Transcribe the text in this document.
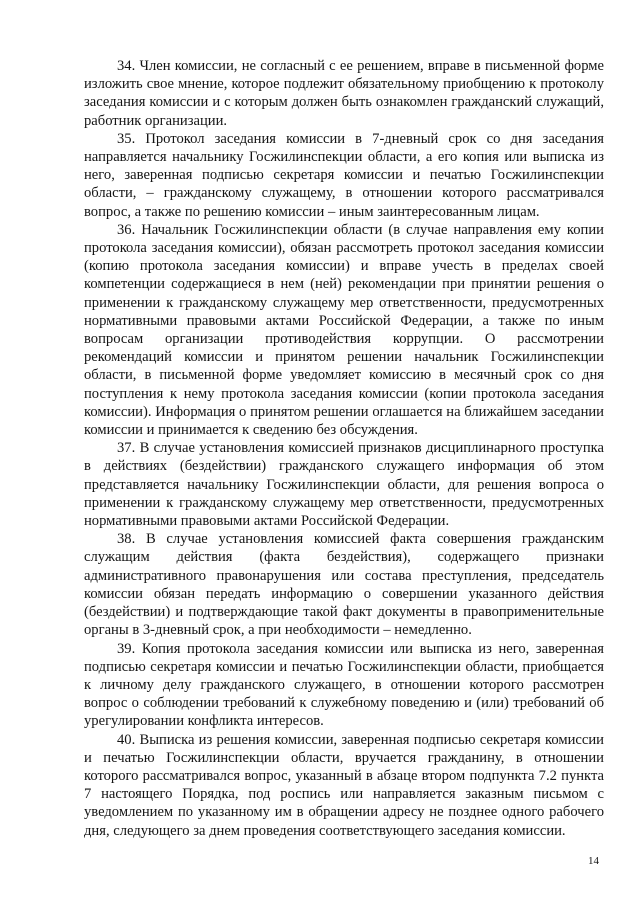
34. Член комиссии, не согласный с ее решением, вправе в письменной форме изложить свое мнение, которое подлежит обязательному приобщению к протоколу заседания комиссии и с которым должен быть ознакомлен гражданский служащий, работник организации.

35. Протокол заседания комиссии в 7-дневный срок со дня заседания направляется начальнику Госжилинспекции области, а его копия или выписка из него, заверенная подписью секретаря комиссии и печатью Госжилинспекции области, – гражданскому служащему, в отношении которого рассматривался вопрос, а также по решению комиссии – иным заинтересованным лицам.

36. Начальник Госжилинспекции области (в случае направления ему копии протокола заседания комиссии), обязан рассмотреть протокол заседания комиссии (копию протокола заседания комиссии) и вправе учесть в пределах своей компетенции содержащиеся в нем (ней) рекомендации при принятии решения о применении к гражданскому служащему мер ответственности, предусмотренных нормативными правовыми актами Российской Федерации, а также по иным вопросам организации противодействия коррупции. О рассмотрении рекомендаций комиссии и принятом решении начальник Госжилинспекции области, в письменной форме уведомляет комиссию в месячный срок со дня поступления к нему протокола заседания комиссии (копии протокола заседания комиссии). Информация о принятом решении оглашается на ближайшем заседании комиссии и принимается к сведению без обсуждения.

37. В случае установления комиссией признаков дисциплинарного проступка в действиях (бездействии) гражданского служащего информация об этом представляется начальнику Госжилинспекции области, для решения вопроса о применении к гражданскому служащему мер ответственности, предусмотренных нормативными правовыми актами Российской Федерации.

38. В случае установления комиссией факта совершения гражданским служащим действия (факта бездействия), содержащего признаки административного правонарушения или состава преступления, председатель комиссии обязан передать информацию о совершении указанного действия (бездействии) и подтверждающие такой факт документы в правоприменительные органы в 3-дневный срок, а при необходимости – немедленно.

39. Копия протокола заседания комиссии или выписка из него, заверенная подписью секретаря комиссии и печатью Госжилинспекции области, приобщается к личному делу гражданского служащего, в отношении которого рассмотрен вопрос о соблюдении требований к служебному поведению и (или) требований об урегулировании конфликта интересов.

40. Выписка из решения комиссии, заверенная подписью секретаря комиссии и печатью Госжилинспекции области, вручается гражданину, в отношении которого рассматривался вопрос, указанный в абзаце втором подпункта 7.2 пункта 7 настоящего Порядка, под роспись или направляется заказным письмом с уведомлением по указанному им в обращении адресу не позднее одного рабочего дня, следующего за днем проведения соответствующего заседания комиссии.

14
